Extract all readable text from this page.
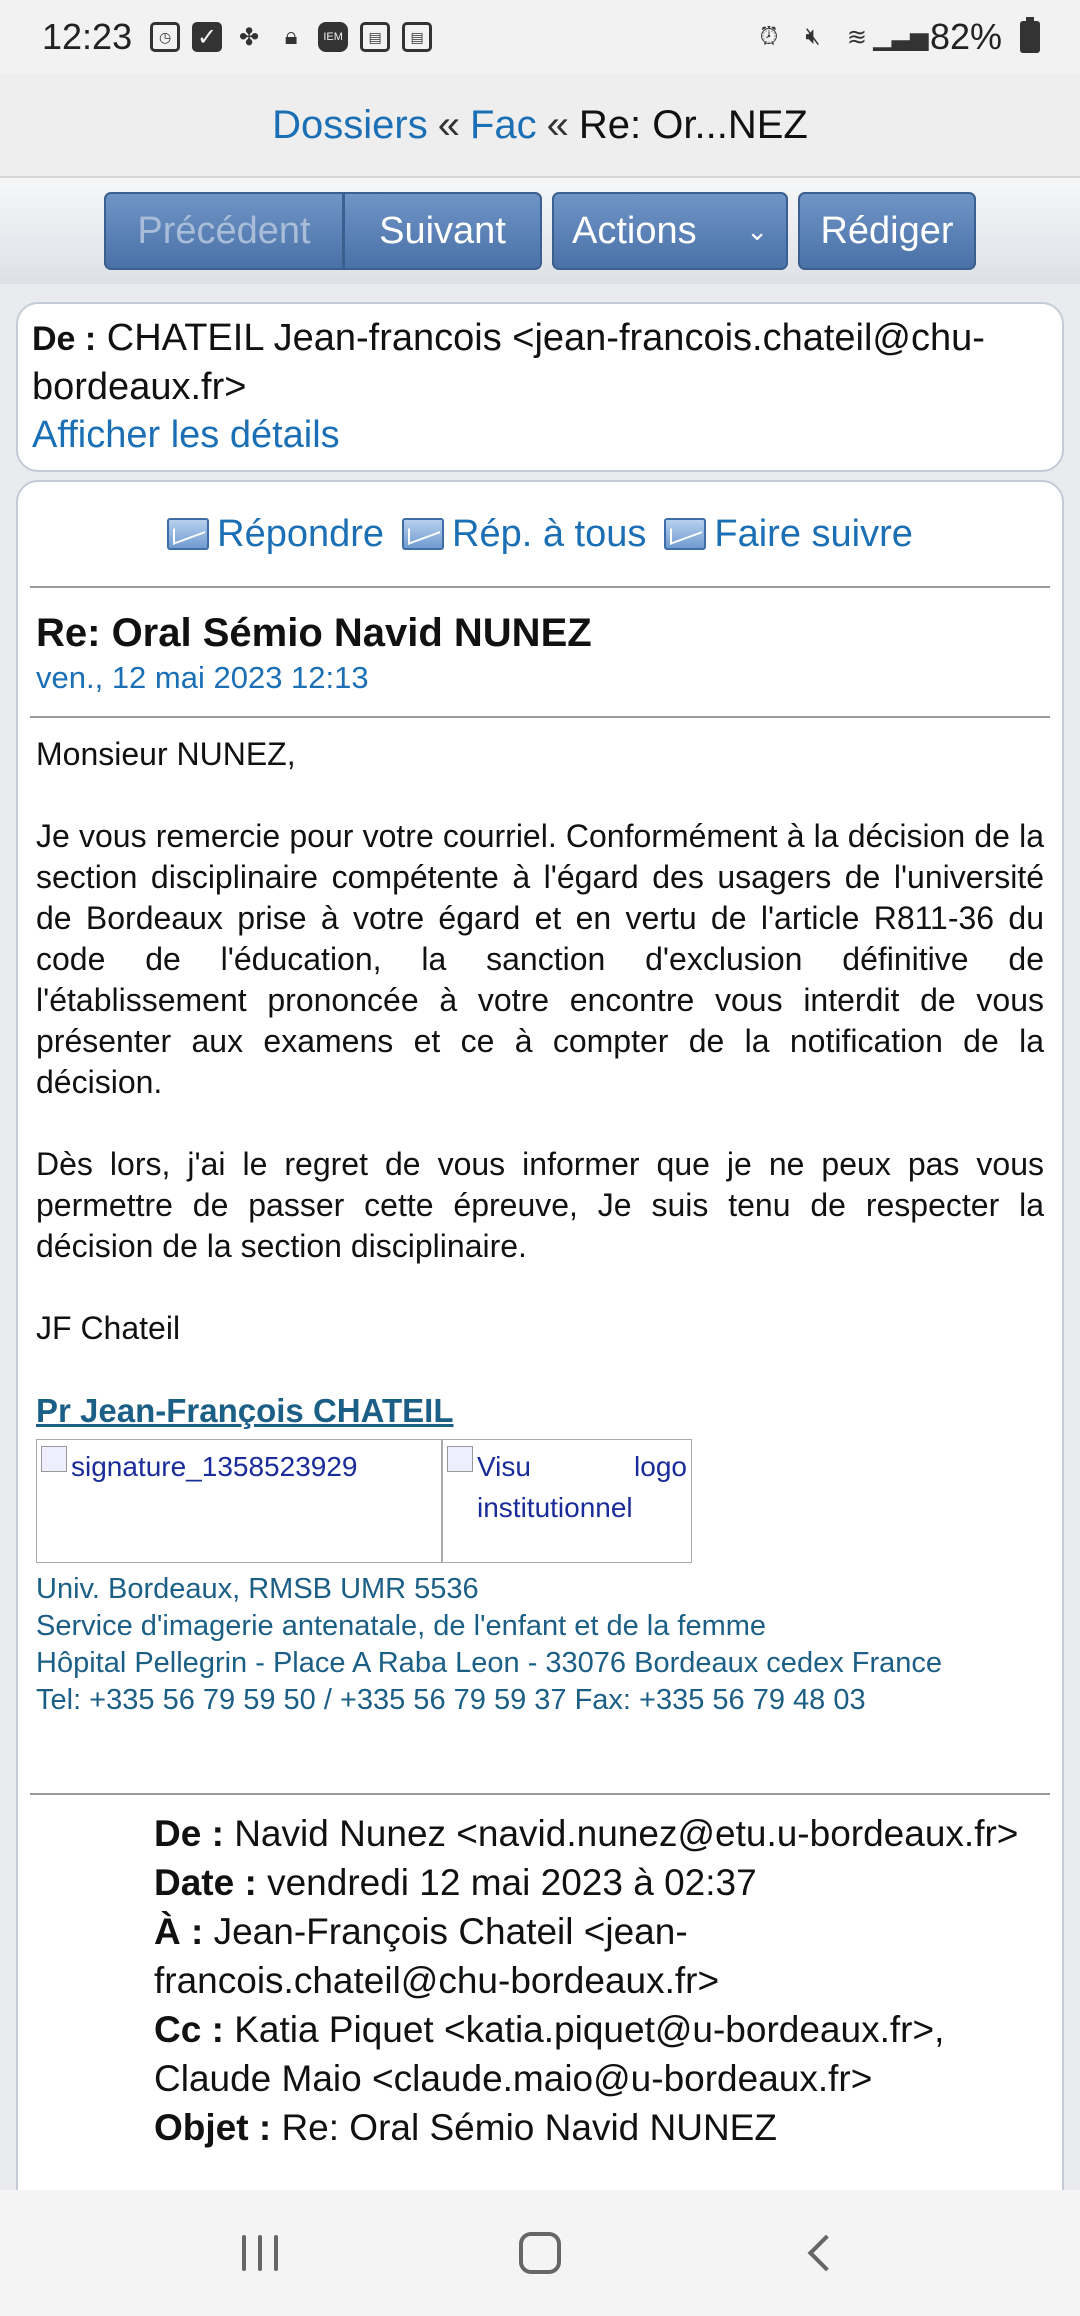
12:23	◷	✓ ✤	🔒︎	IEM	▤	▤	⏰︎	🔇︎	≋ ▁▃▅ 82%
Dossiers « Fac « Re: Or...NEZ
Précédent	Suivant	Actions ⌄	Rédiger
De : CHATEIL Jean-francois <jean-francois.chateil@chu-bordeaux.fr>
Afficher les détails
Répondre Rép. à tous Faire suivre
Re: Oral Sémio Navid NUNEZ
ven., 12 mai 2023 12:13

Monsieur NUNEZ,

Je vous remercie pour votre courriel. Conformément à la décision de la section disciplinaire compétente à l'égard des usagers de l'université de Bordeaux prise à votre égard et en vertu de l'article R811-36 du code de l'éducation, la sanction d'exclusion définitive de l'établissement prononcée à votre encontre vous interdit de vous présenter aux examens et ce à compter de la notification de la décision.

Dès lors, j'ai le regret de vous informer que je ne peux pas vous permettre de passer cette épreuve, Je suis tenu de respecter la décision de la section disciplinaire.

JF Chateil

Pr Jean-François CHATEIL
signature_1358523929	Visu logo institutionnel
Univ. Bordeaux, RMSB UMR 5536
Service d'imagerie antenatale, de l'enfant et de la femme
Hôpital Pellegrin - Place A Raba Leon - 33076 Bordeaux cedex France
Tel: +335 56 79 59 50 / +335 56 79 59 37 Fax: +335 56 79 48 03
De : Navid Nunez <navid.nunez@etu.u-bordeaux.fr>
Date : vendredi 12 mai 2023 à 02:37
À : Jean-François Chateil <jean-francois.chateil@chu-bordeaux.fr>
Cc : Katia Piquet <katia.piquet@u-bordeaux.fr>, Claude Maio <claude.maio@u-bordeaux.fr>
Objet : Re: Oral Sémio Navid NUNEZ
